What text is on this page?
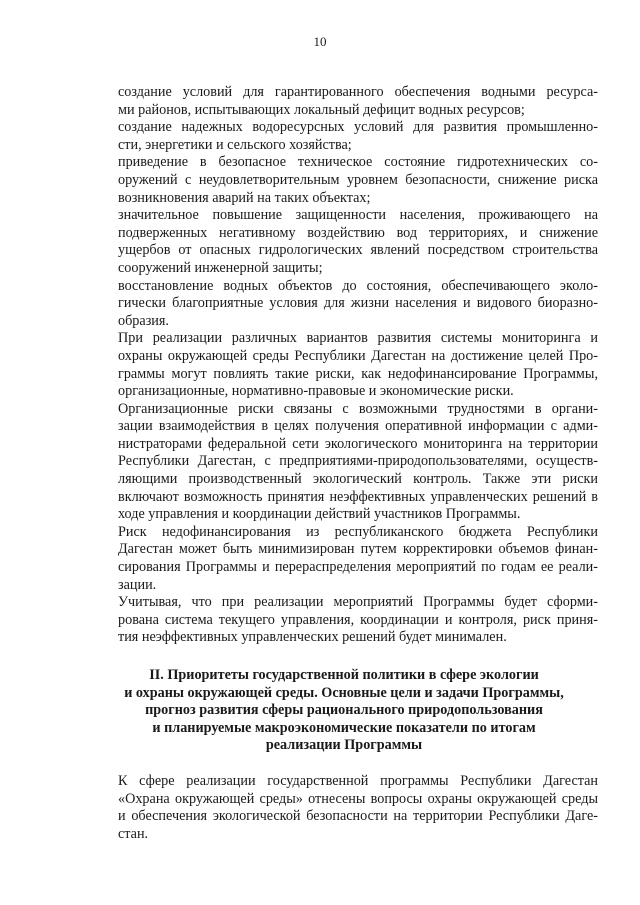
10
создание условий для гарантированного обеспечения водными ресурса-
ми районов, испытывающих локальный дефицит водных ресурсов;
создание надежных водоресурсных условий для развития промышленно-
сти, энергетики и сельского хозяйства;
приведение в безопасное техническое состояние гидротехнических со-
оружений с неудовлетворительным уровнем безопасности, снижение риска
возникновения аварий на таких объектах;
значительное повышение защищенности населения, проживающего на
подверженных негативному воздействию вод территориях, и снижение
ущербов от опасных гидрологических явлений посредством строительства
сооружений инженерной защиты;
восстановление водных объектов до состояния, обеспечивающего эколо-
гически благоприятные условия для жизни населения и видового биоразно-
образия.
При реализации различных вариантов развития системы мониторинга и
охраны окружающей среды Республики Дагестан на достижение целей Про-
граммы могут повлиять такие риски, как недофинансирование Программы,
организационные, нормативно-правовые и экономические риски.
Организационные риски связаны с возможными трудностями в органи-
зации взаимодействия в целях получения оперативной информации с адми-
нистраторами федеральной сети экологического мониторинга на территории
Республики Дагестан, с предприятиями-природопользователями, осуществ-
ляющими производственный экологический контроль. Также эти риски
включают возможность принятия неэффективных управленческих решений в
ходе управления и координации действий участников Программы.
Риск недофинансирования из республиканского бюджета Республики
Дагестан может быть минимизирован путем корректировки объемов финан-
сирования Программы и перераспределения мероприятий по годам ее реали-
зации.
Учитывая, что при реализации мероприятий Программы будет сформи-
рована система текущего управления, координации и контроля, риск приня-
тия неэффективных управленческих решений будет минимален.
II. Приоритеты государственной политики в сфере экологии
и охраны окружающей среды. Основные цели и задачи Программы,
прогноз развития сферы рационального природопользования
и планируемые макроэкономические показатели по итогам
реализации Программы
К сфере реализации государственной программы Республики Дагестан
«Охрана окружающей среды» отнесены вопросы охраны окружающей среды
и обеспечения экологической безопасности на территории Республики Даге-
стан.
